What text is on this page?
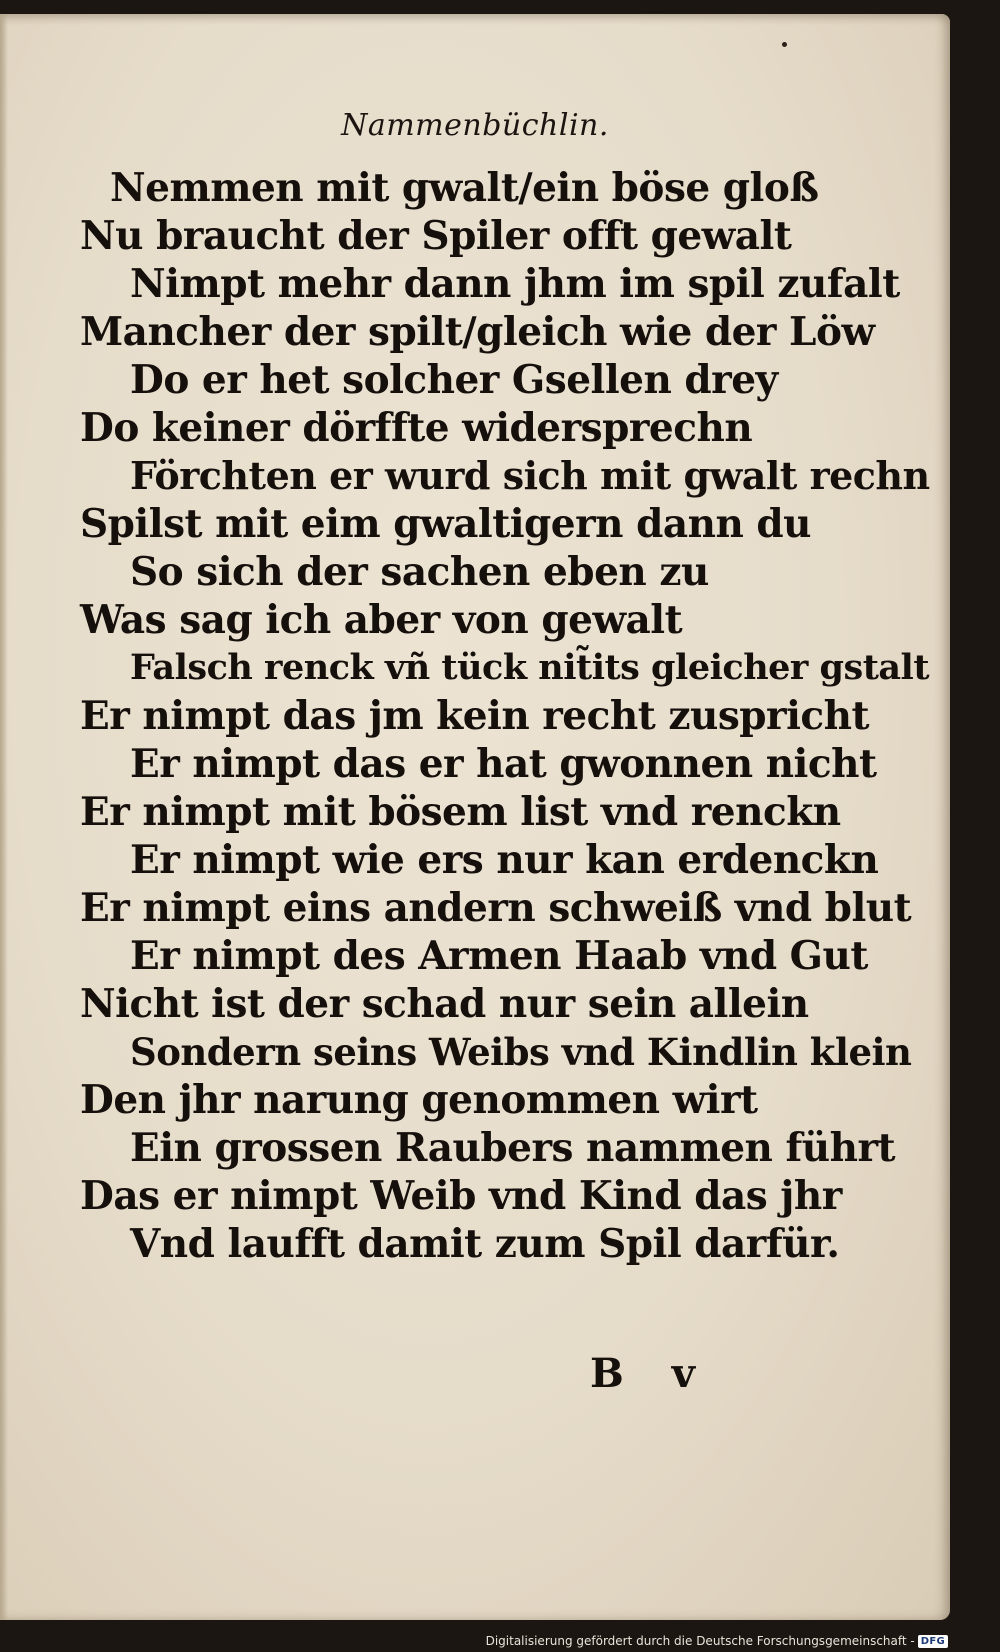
Nammenbüchlin.
Nemmen mit gwalt/ein böse gloß
Nu braucht der Spiler offt gewalt
Nimpt mehr dann jhm im spil zufalt
Mancher der spilt/gleich wie der Löw
Do er het solcher Gsellen drey
Do keiner dörffte widersprechn
Förchten er wurd sich mit gwalt rechn
Spilst mit eim gwaltigern dann du
So sich der sachen eben zu
Was sag ich aber von gewalt
Falsch renck vñ tück nit̃its gleicher gstalt
Er nimpt das jm kein recht zuspricht
Er nimpt das er hat gwonnen nicht
Er nimpt mit bösem list vnd renckn
Er nimpt wie ers nur kan erdenckn
Er nimpt eins andern schweiß vnd blut
Er nimpt des Armen Haab vnd Gut
Nicht ist der schad nur sein allein
Sondern seins Weibs vnd Kindlin klein
Den jhr narung genommen wirt
Ein grossen Raubers nammen führt
Das er nimpt Weib vnd Kind das jhr
Vnd laufft damit zum Spil darfür.
B v
Digitalisierung gefördert durch die Deutsche Forschungsgemeinschaft - DFG
